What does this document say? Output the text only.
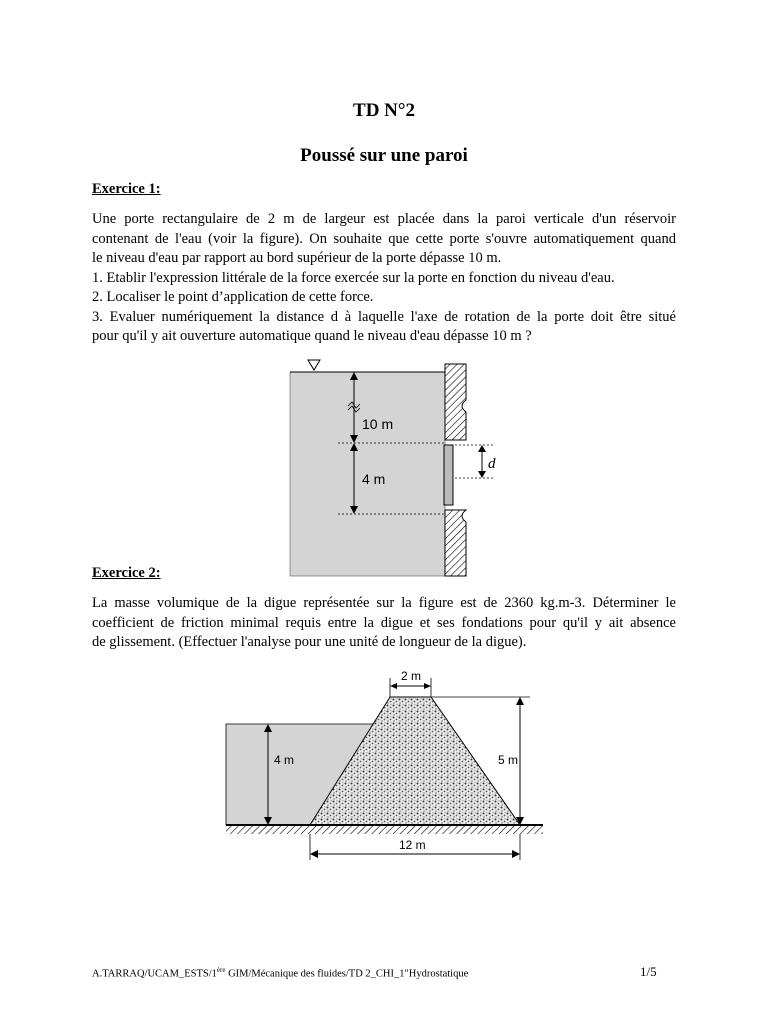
TD N°2
Poussé sur une paroi
Exercice 1:
Une porte rectangulaire de 2 m de largeur est placée dans la paroi verticale d'un réservoir
contenant de l'eau (voir la figure). On souhaite que cette porte s'ouvre automatiquement quand
le niveau d'eau par rapport au bord supérieur de la porte dépasse 10 m.
1. Etablir l'expression littérale de la force exercée sur la porte en fonction du niveau d'eau.
2. Localiser le point d’application de cette force.
3. Evaluer numériquement la distance d à laquelle l'axe de rotation de la porte doit être situé
pour qu'il y ait ouverture automatique quand le niveau d'eau dépasse 10 m ?
10 m
4 m
d
Exercice 2:
La masse volumique de la digue représentée sur la figure est de 2360 kg.m-3. Déterminer le
coefficient de friction minimal requis entre la digue et ses fondations pour qu'il y ait absence
de glissement. (Effectuer l'analyse pour une unité de longueur de la digue).
4 m
2 m
5 m
12 m
A.TARRAQ/UCAM_ESTS/1ère GIM/Mécanique des fluides/TD 2_CHI_1"Hydrostatique	1/5
